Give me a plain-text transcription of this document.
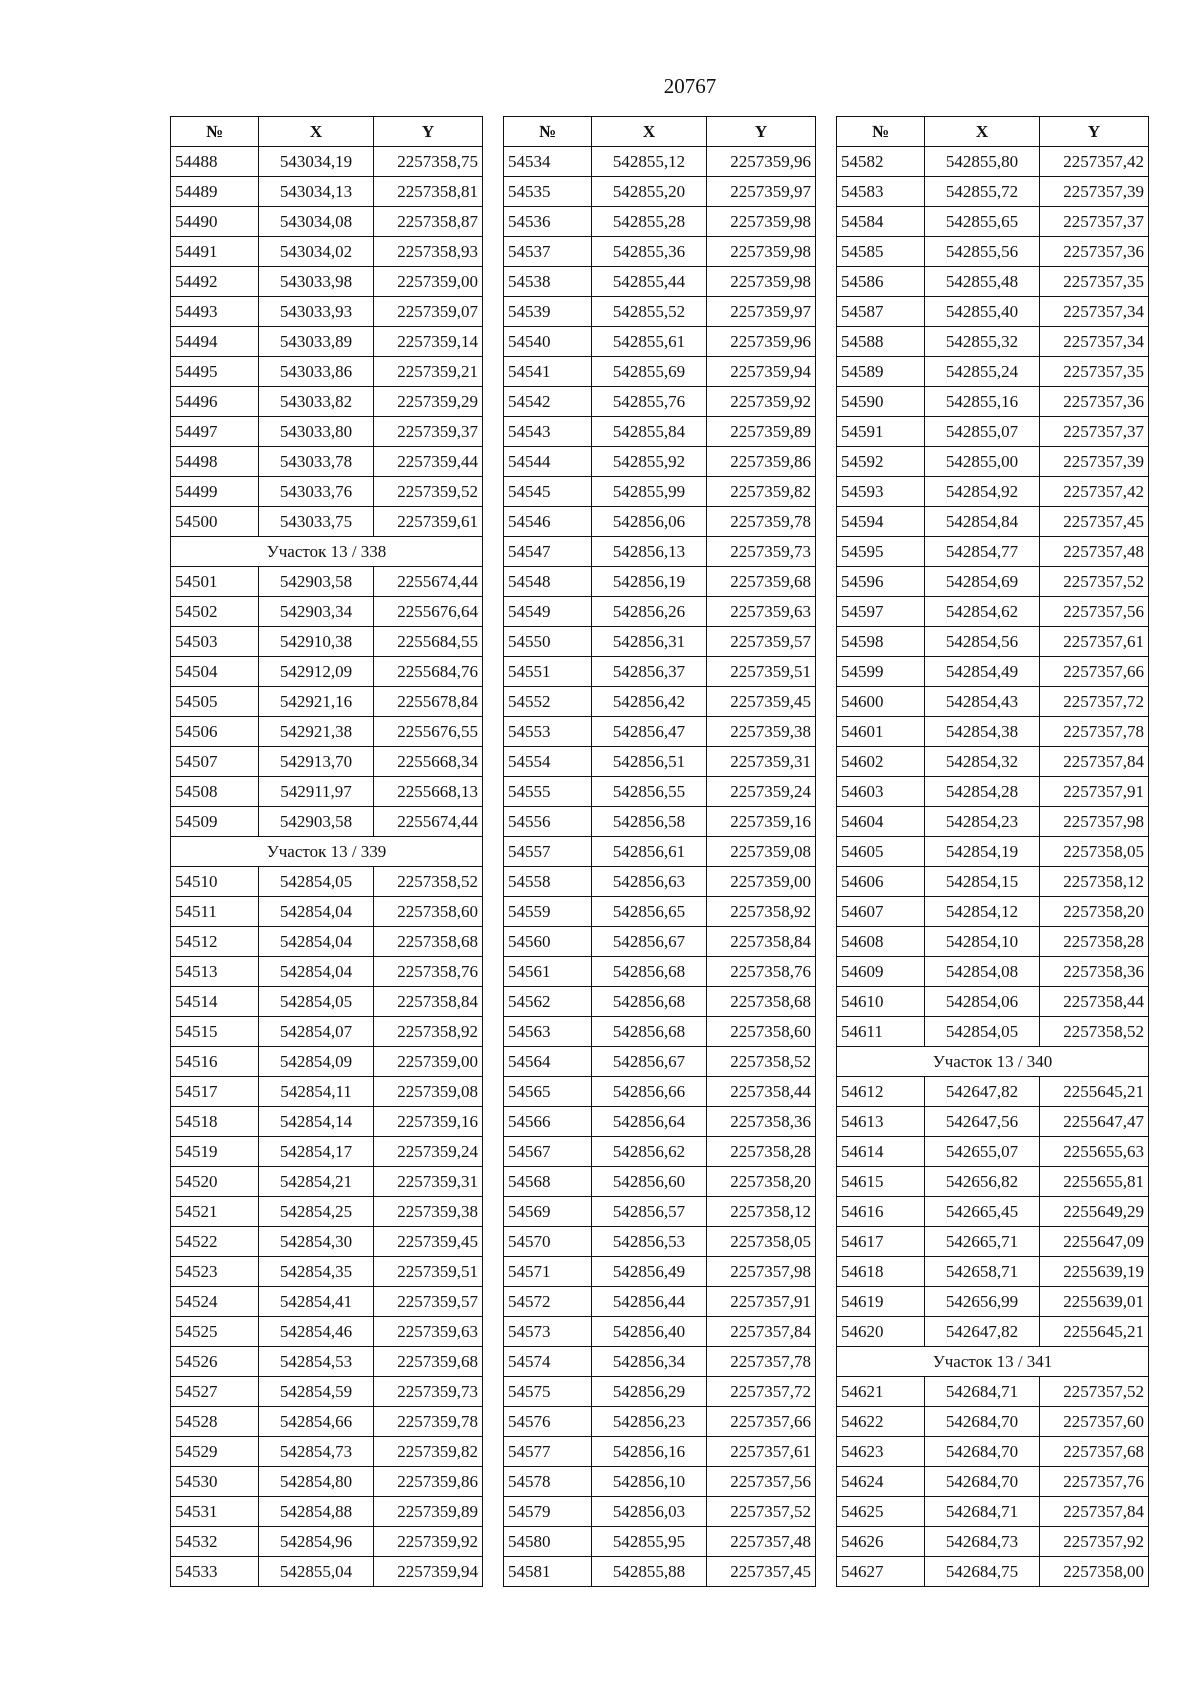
20767
№	X	Y
54488	543034,19	2257358,75
54489	543034,13	2257358,81
54490	543034,08	2257358,87
54491	543034,02	2257358,93
54492	543033,98	2257359,00
54493	543033,93	2257359,07
54494	543033,89	2257359,14
54495	543033,86	2257359,21
54496	543033,82	2257359,29
54497	543033,80	2257359,37
54498	543033,78	2257359,44
54499	543033,76	2257359,52
54500	543033,75	2257359,61
Участок 13 / 338		
54501	542903,58	2255674,44
54502	542903,34	2255676,64
54503	542910,38	2255684,55
54504	542912,09	2255684,76
54505	542921,16	2255678,84
54506	542921,38	2255676,55
54507	542913,70	2255668,34
54508	542911,97	2255668,13
54509	542903,58	2255674,44
Участок 13 / 339		
54510	542854,05	2257358,52
54511	542854,04	2257358,60
54512	542854,04	2257358,68
54513	542854,04	2257358,76
54514	542854,05	2257358,84
54515	542854,07	2257358,92
54516	542854,09	2257359,00
54517	542854,11	2257359,08
54518	542854,14	2257359,16
54519	542854,17	2257359,24
54520	542854,21	2257359,31
54521	542854,25	2257359,38
54522	542854,30	2257359,45
54523	542854,35	2257359,51
54524	542854,41	2257359,57
54525	542854,46	2257359,63
54526	542854,53	2257359,68
54527	542854,59	2257359,73
54528	542854,66	2257359,78
54529	542854,73	2257359,82
54530	542854,80	2257359,86
54531	542854,88	2257359,89
54532	542854,96	2257359,92
54533	542855,04	2257359,94
№	X	Y
54534	542855,12	2257359,96
54535	542855,20	2257359,97
54536	542855,28	2257359,98
54537	542855,36	2257359,98
54538	542855,44	2257359,98
54539	542855,52	2257359,97
54540	542855,61	2257359,96
54541	542855,69	2257359,94
54542	542855,76	2257359,92
54543	542855,84	2257359,89
54544	542855,92	2257359,86
54545	542855,99	2257359,82
54546	542856,06	2257359,78
54547	542856,13	2257359,73
54548	542856,19	2257359,68
54549	542856,26	2257359,63
54550	542856,31	2257359,57
54551	542856,37	2257359,51
54552	542856,42	2257359,45
54553	542856,47	2257359,38
54554	542856,51	2257359,31
54555	542856,55	2257359,24
54556	542856,58	2257359,16
54557	542856,61	2257359,08
54558	542856,63	2257359,00
54559	542856,65	2257358,92
54560	542856,67	2257358,84
54561	542856,68	2257358,76
54562	542856,68	2257358,68
54563	542856,68	2257358,60
54564	542856,67	2257358,52
54565	542856,66	2257358,44
54566	542856,64	2257358,36
54567	542856,62	2257358,28
54568	542856,60	2257358,20
54569	542856,57	2257358,12
54570	542856,53	2257358,05
54571	542856,49	2257357,98
54572	542856,44	2257357,91
54573	542856,40	2257357,84
54574	542856,34	2257357,78
54575	542856,29	2257357,72
54576	542856,23	2257357,66
54577	542856,16	2257357,61
54578	542856,10	2257357,56
54579	542856,03	2257357,52
54580	542855,95	2257357,48
54581	542855,88	2257357,45
№	X	Y
54582	542855,80	2257357,42
54583	542855,72	2257357,39
54584	542855,65	2257357,37
54585	542855,56	2257357,36
54586	542855,48	2257357,35
54587	542855,40	2257357,34
54588	542855,32	2257357,34
54589	542855,24	2257357,35
54590	542855,16	2257357,36
54591	542855,07	2257357,37
54592	542855,00	2257357,39
54593	542854,92	2257357,42
54594	542854,84	2257357,45
54595	542854,77	2257357,48
54596	542854,69	2257357,52
54597	542854,62	2257357,56
54598	542854,56	2257357,61
54599	542854,49	2257357,66
54600	542854,43	2257357,72
54601	542854,38	2257357,78
54602	542854,32	2257357,84
54603	542854,28	2257357,91
54604	542854,23	2257357,98
54605	542854,19	2257358,05
54606	542854,15	2257358,12
54607	542854,12	2257358,20
54608	542854,10	2257358,28
54609	542854,08	2257358,36
54610	542854,06	2257358,44
54611	542854,05	2257358,52
Участок 13 / 340		
54612	542647,82	2255645,21
54613	542647,56	2255647,47
54614	542655,07	2255655,63
54615	542656,82	2255655,81
54616	542665,45	2255649,29
54617	542665,71	2255647,09
54618	542658,71	2255639,19
54619	542656,99	2255639,01
54620	542647,82	2255645,21
Участок 13 / 341		
54621	542684,71	2257357,52
54622	542684,70	2257357,60
54623	542684,70	2257357,68
54624	542684,70	2257357,76
54625	542684,71	2257357,84
54626	542684,73	2257357,92
54627	542684,75	2257358,00
